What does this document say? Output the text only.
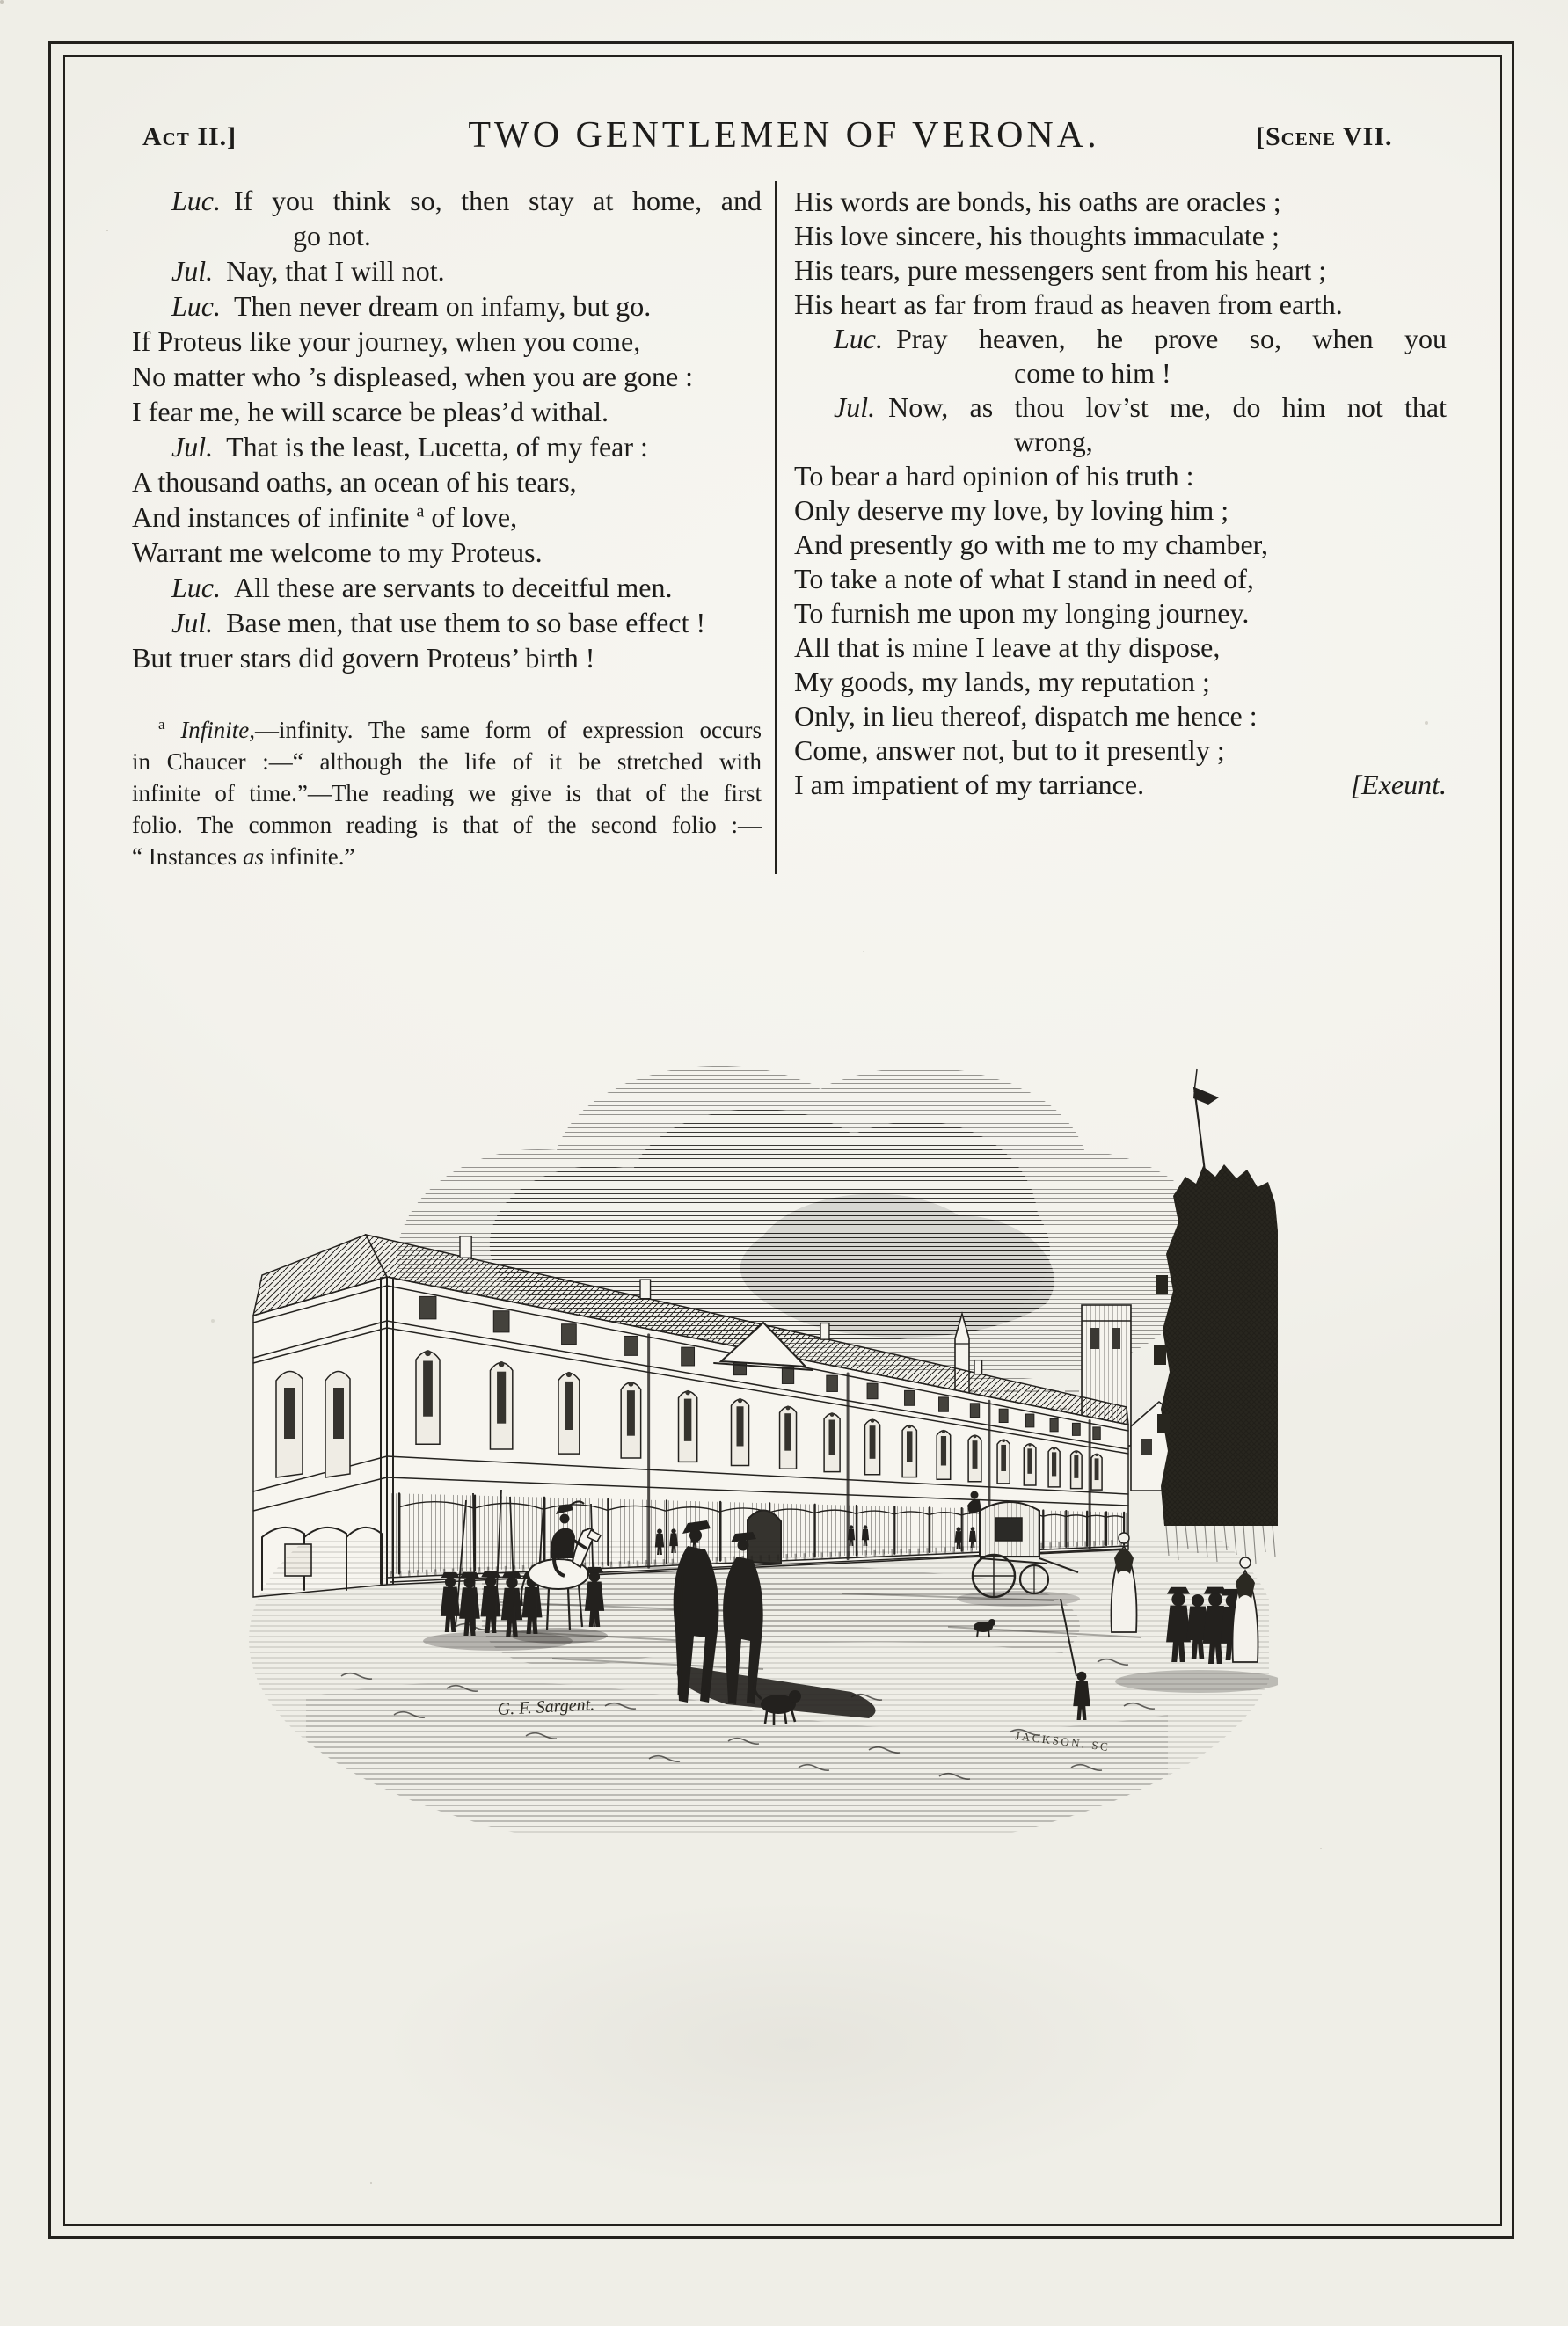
Act II.]	TWO GENTLEMEN OF VERONA.	[Scene VII.
Luc. If you think so, then stay at home, and
go not.
Jul. Nay, that I will not.
Luc. Then never dream on infamy, but go.
If Proteus like your journey, when you come,
No matter who ’s displeased, when you are gone :
I fear me, he will scarce be pleas’d withal.
Jul. That is the least, Lucetta, of my fear :
A thousand oaths, an ocean of his tears,
And instances of infinite $^a$ of love,
Warrant me welcome to my Proteus.
Luc. All these are servants to deceitful men.
Jul. Base men, that use them to so base effect !
But truer stars did govern Proteus’ birth !
His words are bonds, his oaths are oracles ;
His love sincere, his thoughts immaculate ;
His tears, pure messengers sent from his heart ;
His heart as far from fraud as heaven from earth.
Luc. Pray heaven, he prove so, when you
come to him !
Jul. Now, as thou lov’st me, do him not that
wrong,
To bear a hard opinion of his truth :
Only deserve my love, by loving him ;
And presently go with me to my chamber,
To take a note of what I stand in need of,
To furnish me upon my longing journey.
All that is mine I leave at thy dispose,
My goods, my lands, my reputation ;
Only, in lieu thereof, dispatch me hence :
Come, answer not, but to it presently ;
I am impatient of my tarriance.	[Exeunt.
$^a$ Infinite,—infinity. The same form of expression occurs
in Chaucer :—“ although the life of it be stretched with
infinite of time.”—The reading we give is that of the first
folio. The common reading is that of the second folio :—
“ Instances as infinite.”
G. F. Sargent.
JACKSON. SC
